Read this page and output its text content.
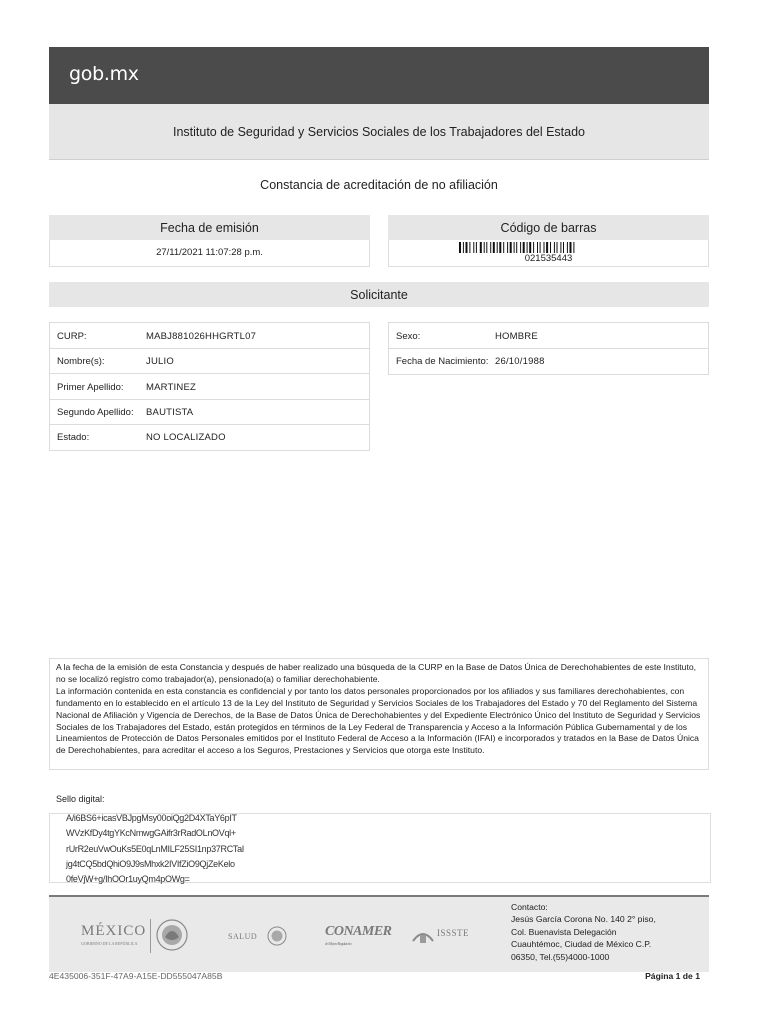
gob.mx
Instituto de Seguridad y Servicios Sociales de los Trabajadores del Estado
Constancia de acreditación de no afiliación
Fecha de emisión
27/11/2021 11:07:28 p.m.
Código de barras
021535443
Solicitante
CURP:	MABJ881026HHGRTL07
Nombre(s):	JULIO
Primer Apellido: MARTINEZ
Segundo Apellido: BAUTISTA
Estado:	NO LOCALIZADO
Sexo:	HOMBRE
Fecha de Nacimiento: 26/10/1988

A la fecha de la emisión de esta Constancia y después de haber realizado una búsqueda de la CURP en la Base de Datos Única de Derechohabientes de este Instituto, no se localizó registro como trabajador(a), pensionado(a) o familiar derechohabiente.

La información contenida en esta constancia es confidencial y por tanto los datos personales proporcionados por los afiliados y sus familiares derechohabientes, con fundamento en lo establecido en el artículo 13 de la Ley del Instituto de Seguridad y Servicios Sociales de los Trabajadores del Estado y 70 del Reglamento del Sistema Nacional de Afiliación y Vigencia de Derechos, de la Base de Datos Única de Derechohabientes y del Expediente Electrónico Único del Instituto de Seguridad y Servicios Sociales de los Trabajadores del Estado, están protegidos en términos de la Ley Federal de Transparencia y Acceso a la Información Pública Gubernamental y de los Lineamientos de Protección de Datos Personales emitidos por el Instituto Federal de Acceso a la Información (IFAI) e incorporados y tratados en la Base de Datos Única de Derechohabientes, para acreditar el acceso a los Seguros, Prestaciones y Servicios que otorga este Instituto.

Sello digital:
A/i6BS6+icasVBJpgMsy00oiQg2D4XTaY6pIT
WVzKfDy4tgYKcNmwgGAifr3rRadOLnOVql+
rUrR2euVwOuKs5E0qLnMILF25SI1np37RCTaI
jg4tCQ5bdQhiO9J9sMhxk2IVIfZiO9QjZeKelo
0feVjW+g/IhOOr1uyQm4pOWg=
MÉXICO
GOBIERNO DE LA REPÚBLICA
SALUD	CONAMER
de Mejora Regulatoria
ISSSTE
Contacto:
Jesús García Corona No. 140 2° piso,
Col. Buenavista Delegación
Cuauhtémoc, Ciudad de México C.P.
06350, Tel.(55)4000-1000
4E435006-351F-47A9-A15E-DD555047A85B	Página 1 de 1
